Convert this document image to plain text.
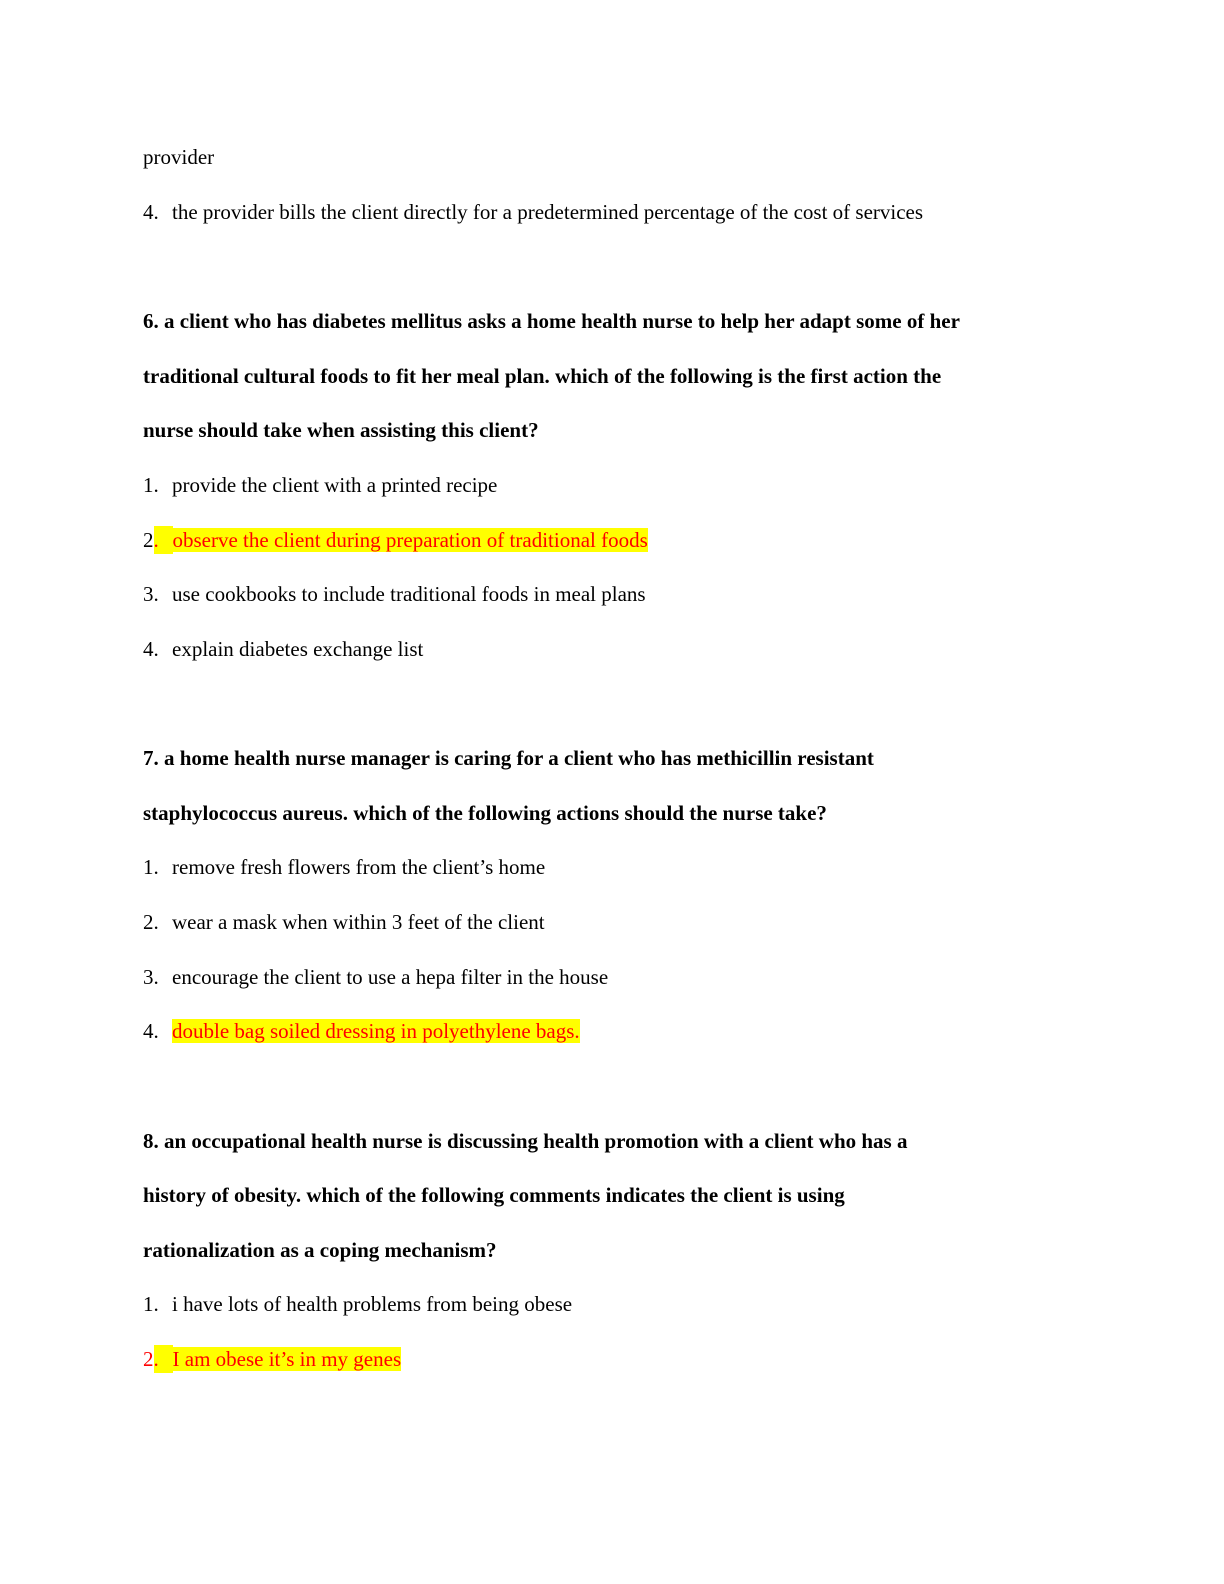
provider
4. the provider bills the client directly for a predetermined percentage of the cost of services
6. a client who has diabetes mellitus asks a home health nurse to help her adapt some of her
traditional cultural foods to fit her meal plan. which of the following is the first action the
nurse should take when assisting this client?
1. provide the client with a printed recipe
2. observe the client during preparation of traditional foods
3. use cookbooks to include traditional foods in meal plans
4. explain diabetes exchange list
7. a home health nurse manager is caring for a client who has methicillin resistant
staphylococcus aureus. which of the following actions should the nurse take?
1. remove fresh flowers from the client’s home
2. wear a mask when within 3 feet of the client
3. encourage the client to use a hepa filter in the house
4. double bag soiled dressing in polyethylene bags.
8. an occupational health nurse is discussing health promotion with a client who has a
history of obesity. which of the following comments indicates the client is using
rationalization as a coping mechanism?
1. i have lots of health problems from being obese
2. I am obese it’s in my genes
